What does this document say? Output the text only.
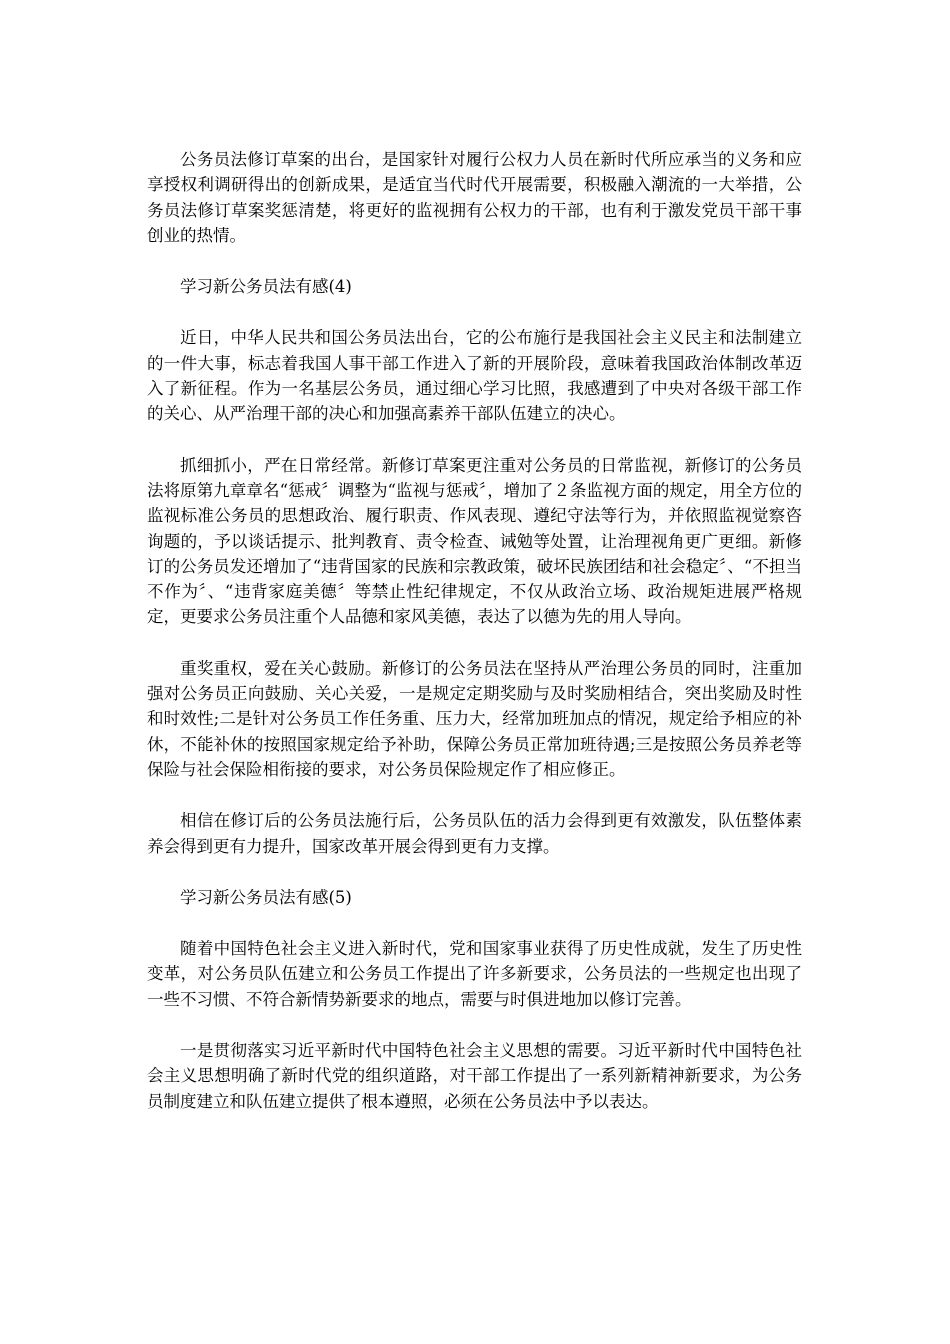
公务员法修订草案的出台，是国家针对履行公权力人员在新时代所应承当的义务和应享授权利调研得出的创新成果，是适宜当代时代开展需要，积极融入潮流的一大举措，公务员法修订草案奖惩清楚，将更好的监视拥有公权力的干部，也有利于激发党员干部干事创业的热情。

学习新公务员法有感(4)

近日，中华人民共和国公务员法出台，它的公布施行是我国社会主义民主和法制建立的一件大事，标志着我国人事干部工作进入了新的开展阶段，意味着我国政治体制改革迈入了新征程。作为一名基层公务员，通过细心学习比照，我感遭到了中央对各级干部工作的关心、从严治理干部的决心和加强高素养干部队伍建立的决心。

抓细抓小，严在日常经常。新修订草案更注重对公务员的日常监视，新修订的公务员法将原第九章章名“惩戒〞调整为“监视与惩戒〞，增加了２条监视方面的规定，用全方位的监视标准公务员的思想政治、履行职责、作风表现、遵纪守法等行为，并依照监视觉察咨询题的，予以谈话提示、批判教育、责令检查、诫勉等处置，让治理视角更广更细。新修订的公务员发还增加了“违背国家的民族和宗教政策，破坏民族团结和社会稳定〞、“不担当不作为〞、“违背家庭美德〞等禁止性纪律规定，不仅从政治立场、政治规矩进展严格规定，更要求公务员注重个人品德和家风美德，表达了以德为先的用人导向。

重奖重权，爱在关心鼓励。新修订的公务员法在坚持从严治理公务员的同时，注重加强对公务员正向鼓励、关心关爱，一是规定定期奖励与及时奖励相结合，突出奖励及时性和时效性;二是针对公务员工作任务重、压力大，经常加班加点的情况，规定给予相应的补休，不能补休的按照国家规定给予补助，保障公务员正常加班待遇;三是按照公务员养老等保险与社会保险相衔接的要求，对公务员保险规定作了相应修正。

相信在修订后的公务员法施行后，公务员队伍的活力会得到更有效激发，队伍整体素养会得到更有力提升，国家改革开展会得到更有力支撑。

学习新公务员法有感(5)

随着中国特色社会主义进入新时代，党和国家事业获得了历史性成就，发生了历史性变革，对公务员队伍建立和公务员工作提出了许多新要求，公务员法的一些规定也出现了一些不习惯、不符合新情势新要求的地点，需要与时俱进地加以修订完善。

一是贯彻落实习近平新时代中国特色社会主义思想的需要。习近平新时代中国特色社会主义思想明确了新时代党的组织道路，对干部工作提出了一系列新精神新要求，为公务员制度建立和队伍建立提供了根本遵照，必须在公务员法中予以表达。
